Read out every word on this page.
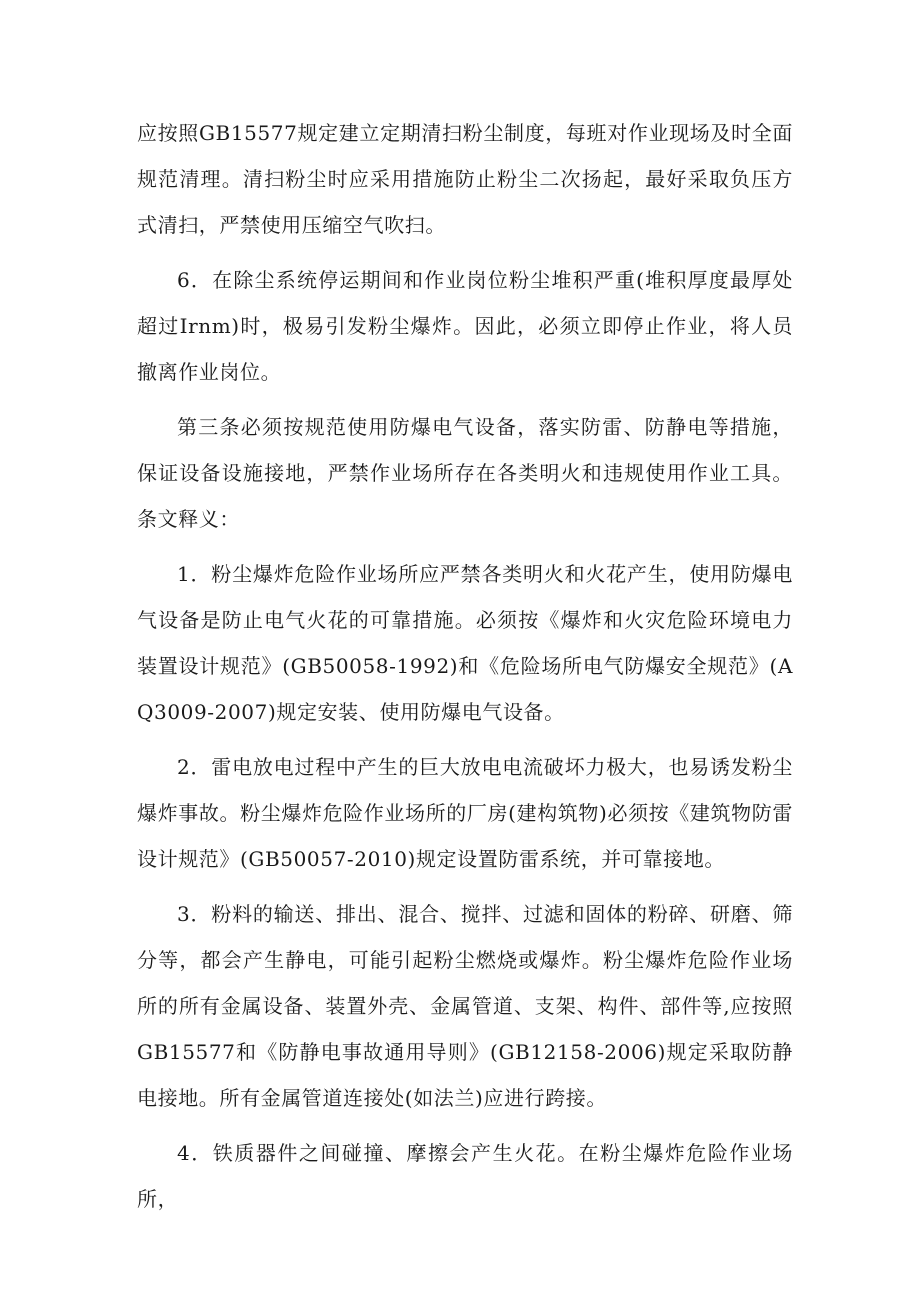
应按照GB15577规定建立定期清扫粉尘制度，每班对作业现场及时全面规范清理。清扫粉尘时应采用措施防止粉尘二次扬起，最好采取负压方式清扫，严禁使用压缩空气吹扫。

6．在除尘系统停运期间和作业岗位粉尘堆积严重(堆积厚度最厚处超过Irnm)时，极易引发粉尘爆炸。因此，必须立即停止作业，将人员撤离作业岗位。

第三条必须按规范使用防爆电气设备，落实防雷、防静电等措施，保证设备设施接地，严禁作业场所存在各类明火和违规使用作业工具。条文释义：

1．粉尘爆炸危险作业场所应严禁各类明火和火花产生，使用防爆电气设备是防止电气火花的可靠措施。必须按《爆炸和火灾危险环境电力装置设计规范》(GB50058-1992)和《危险场所电气防爆安全规范》(AQ3009-2007)规定安装、使用防爆电气设备。

2．雷电放电过程中产生的巨大放电电流破坏力极大，也易诱发粉尘爆炸事故。粉尘爆炸危险作业场所的厂房(建构筑物)必须按《建筑物防雷设计规范》(GB50057-2010)规定设置防雷系统，并可靠接地。

3．粉料的输送、排出、混合、搅拌、过滤和固体的粉碎、研磨、筛分等，都会产生静电，可能引起粉尘燃烧或爆炸。粉尘爆炸危险作业场所的所有金属设备、装置外壳、金属管道、支架、构件、部件等,应按照GB15577和《防静电事故通用导则》(GB12158-2006)规定采取防静电接地。所有金属管道连接处(如法兰)应进行跨接。

4．铁质器件之间碰撞、摩擦会产生火花。在粉尘爆炸危险作业场所，
